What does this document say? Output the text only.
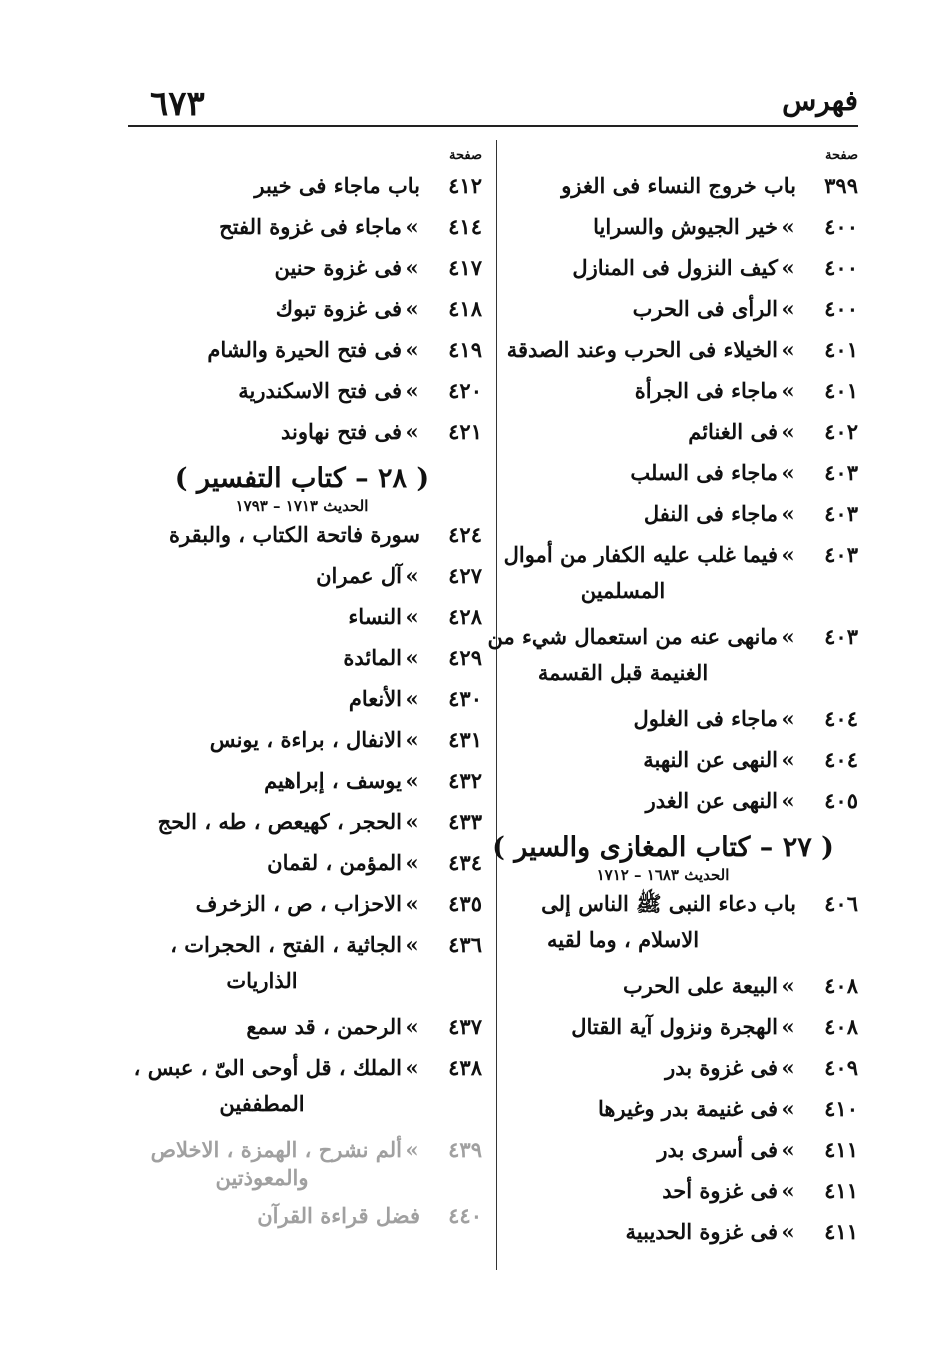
فهرس
٦٧٣
صفحة
٣٩٩
باب خروج النساء فى الغزو
٤٠٠
»
خير الجيوش والسرايا
٤٠٠
»
كيف النزول فى المنازل
٤٠٠
»
الرأى فى الحرب
٤٠١
»
الخيلاء فى الحرب وعند الصدقة
٤٠١
»
ماجاء فى الجرأة
٤٠٢
»
فى الغنائم
٤٠٣
»
ماجاء فى السلب
٤٠٣
»
ماجاء فى النفل
٤٠٣
»
فيما غلب عليه الكفار من أموال
المسلمين
٤٠٣
»
مانهى عنه من استعمال شيء من
الغنيمة قبل القسمة
٤٠٤
»
ماجاء فى الغلول
٤٠٤
»
النهى عن النهبة
٤٠٥
»
النهى عن الغدر
( ٢٧ – كتاب المغازى والسير )
الحديث ١٦٨٣ – ١٧١٢
٤٠٦
باب دعاء النبى ﷺ الناس إلى
الاسلام ، وما لقيه
٤٠٨
»
البيعة على الحرب
٤٠٨
»
الهجرة ونزول آية القتال
٤٠٩
»
فى غزوة بدر
٤١٠
»
فى غنيمة بدر وغيرها
٤١١
»
فى أسرى بدر
٤١١
»
فى غزوة أحد
٤١١
»
فى غزوة الحديبية
صفحة
٤١٢
باب ماجاء فى خيبر
٤١٤
»
ماجاء فى غزوة الفتح
٤١٧
»
فى غزوة حنين
٤١٨
»
فى غزوة تبوك
٤١٩
»
فى فتح الحيرة والشام
٤٢٠
»
فى فتح الاسكندرية
٤٢١
»
فى فتح نهاوند
( ٢٨ – كتاب التفسير )
الحديث ١٧١٣ – ١٧٩٣
٤٢٤
سورة فاتحة الكتاب ، والبقرة
٤٢٧
»
آل عمران
٤٢٨
»
النساء
٤٢٩
»
المائدة
٤٣٠
»
الأنعام
٤٣١
»
الانفال ، براءة ، يونس
٤٣٢
»
يوسف ، إبراهيم
٤٣٣
»
الحجر ، كهيعص ، طه ، الحج
٤٣٤
»
المؤمن ، لقمان
٤٣٥
»
الاحزاب ، ص ، الزخرف
٤٣٦
»
الجاثية ، الفتح ، الحجرات ،
الذاريات
٤٣٧
»
الرحمن ، قد سمع
٤٣٨
»
الملك ، قل أوحى الىّ ، عبس ،
المطففين
٤٣٩
»
ألم نشرح ، الهمزة ، الاخلاص
والمعوذتين
٤٤٠
فضل قراءة القرآن
